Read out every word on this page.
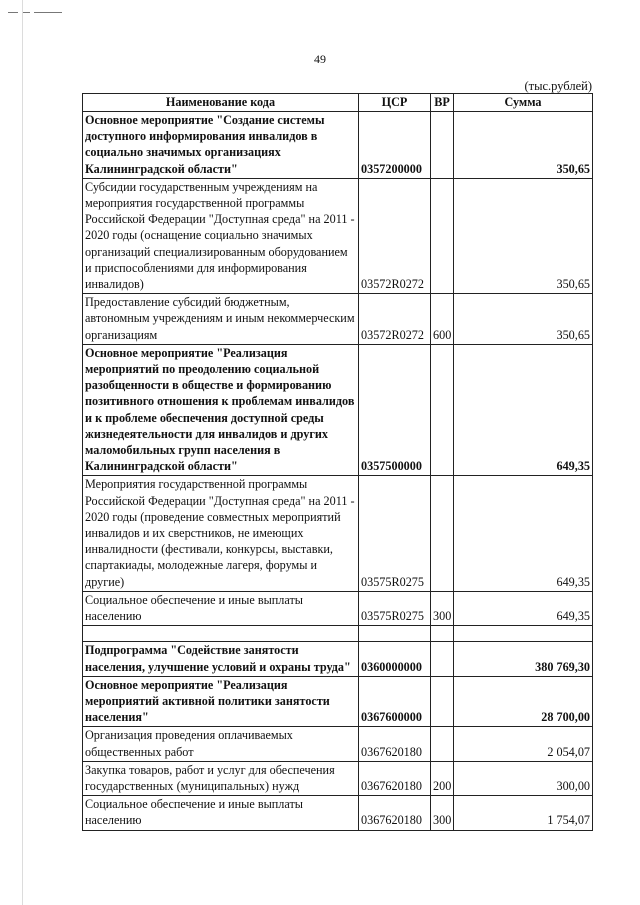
49
(тыс.рублей)
Наименование кода	ЦСР	ВР	Сумма
Основное мероприятие "Создание системы доступного информирования инвалидов в социально значимых организациях Калининградской области"	0357200000		350,65
Субсидии государственным учреждениям на мероприятия государственной программы Российской Федерации "Доступная среда" на 2011 - 2020 годы (оснащение социально значимых организаций специализированным оборудованием и приспособлениями для информирования инвалидов)	03572R0272		350,65
Предоставление субсидий бюджетным, автономным учреждениям и иным некоммерческим организациям	03572R0272	600	350,65
Основное мероприятие "Реализация мероприятий по преодолению социальной разобщенности в обществе и формированию позитивного отношения к проблемам инвалидов и к проблеме обеспечения доступной среды жизнедеятельности для инвалидов и других маломобильных групп населения в Калининградской области"	0357500000		649,35
Мероприятия государственной программы Российской Федерации "Доступная среда" на 2011 - 2020 годы (проведение совместных мероприятий инвалидов и их сверстников, не имеющих инвалидности (фестивали, конкурсы, выставки, спартакиады, молодежные лагеря, форумы и другие)	03575R0275		649,35
Социальное обеспечение и иные выплаты населению	03575R0275	300	649,35

Подпрограмма "Содействие занятости населения, улучшение условий и охраны труда"	0360000000		380 769,30
Основное мероприятие "Реализация мероприятий активной политики занятости населения"	0367600000		28 700,00
Организация проведения оплачиваемых общественных работ	0367620180		2 054,07
Закупка товаров, работ и услуг для обеспечения государственных (муниципальных) нужд	0367620180	200	300,00
Социальное обеспечение и иные выплаты населению	0367620180	300	1 754,07
